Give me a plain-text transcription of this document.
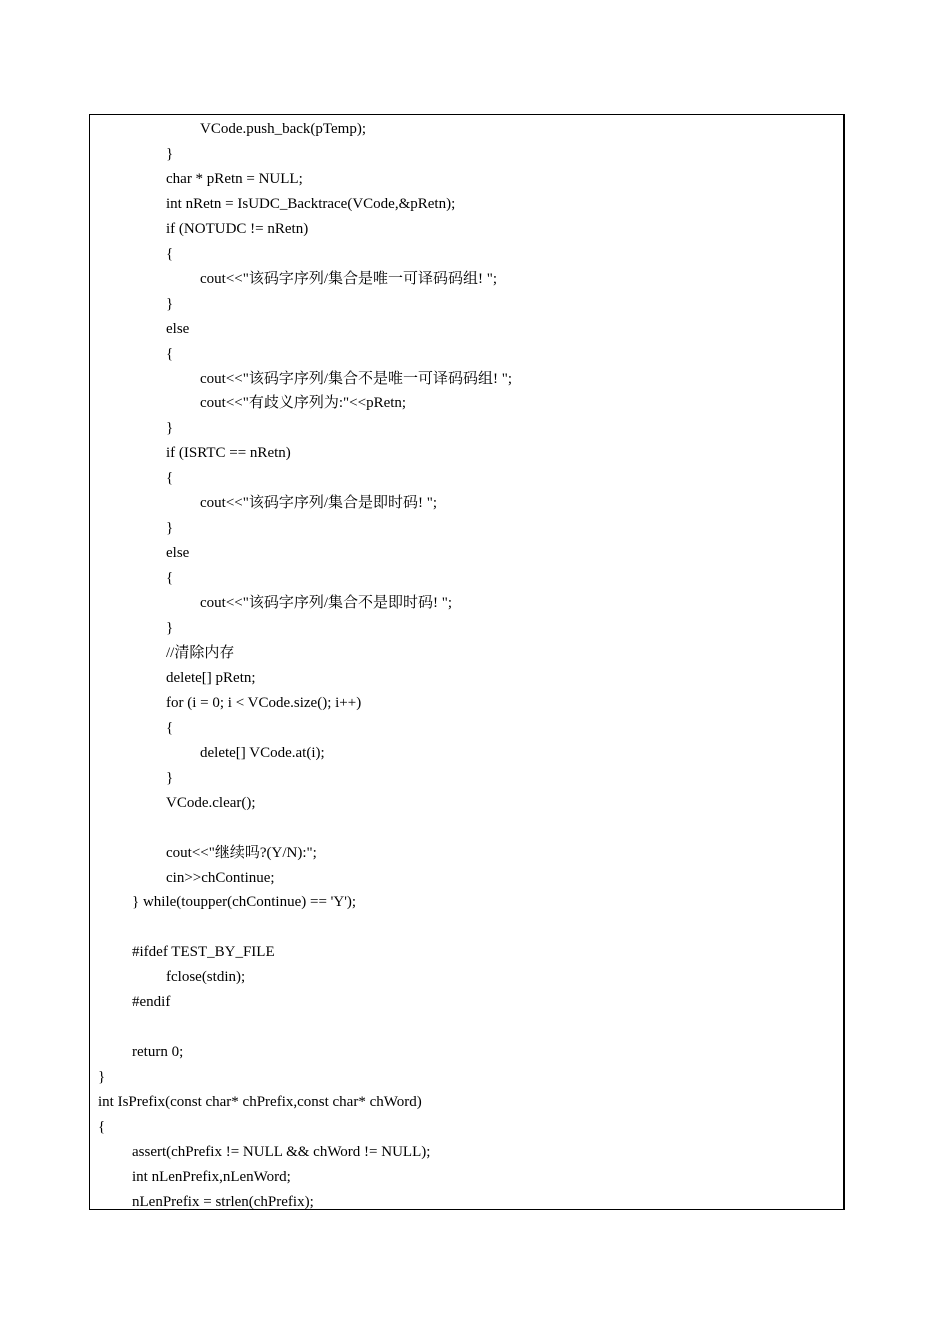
VCode.push_back(pTemp);
}
char * pRetn = NULL;
int nRetn = IsUDC_Backtrace(VCode,&pRetn);
if (NOTUDC != nRetn)
{
cout<<"该码字序列/集合是唯一可译码码组! ";
}
else
{
cout<<"该码字序列/集合不是唯一可译码码组! ";
cout<<"有歧义序列为:"<<pRetn;
}
if (ISRTC == nRetn)
{
cout<<"该码字序列/集合是即时码! ";
}
else
{
cout<<"该码字序列/集合不是即时码! ";
}
//清除内存
delete[] pRetn;
for (i = 0; i < VCode.size(); i++)
{
delete[] VCode.at(i);
}
VCode.clear();
cout<<"继续吗?(Y/N):";
cin>>chContinue;
} while(toupper(chContinue) == 'Y');
#ifdef TEST_BY_FILE
fclose(stdin);
#endif
return 0;
}
int IsPrefix(const char* chPrefix,const char* chWord)
{
assert(chPrefix != NULL && chWord != NULL);
int nLenPrefix,nLenWord;
nLenPrefix = strlen(chPrefix);
